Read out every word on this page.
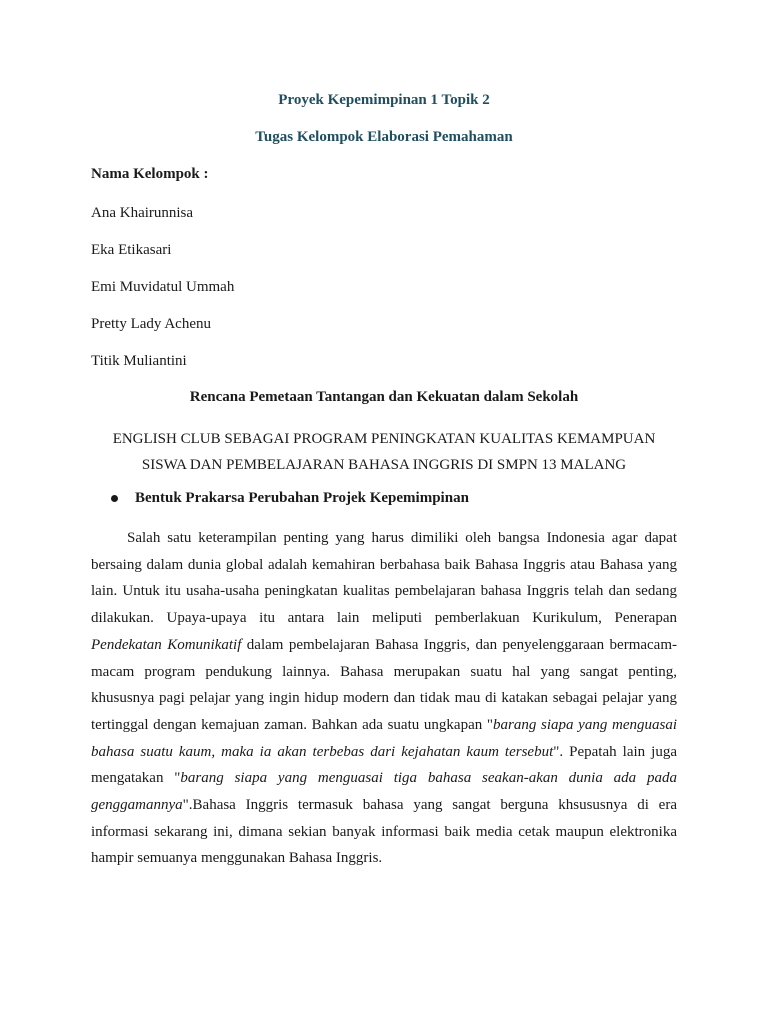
Proyek Kepemimpinan 1 Topik 2

Tugas Kelompok Elaborasi Pemahaman

Nama Kelompok :

Ana Khairunnisa
Eka Etikasari
Emi Muvidatul Ummah
Pretty Lady Achenu
Titik Muliantini

Rencana Pemetaan Tantangan dan Kekuatan dalam Sekolah

ENGLISH CLUB SEBAGAI PROGRAM PENINGKATAN KUALITAS KEMAMPUAN
SISWA DAN PEMBELAJARAN BAHASA INGGRIS DI SMPN 13 MALANG

Bentuk Prakarsa Perubahan Projek Kepemimpinan

Salah satu keterampilan penting yang harus dimiliki oleh bangsa Indonesia agar dapat bersaing dalam dunia global adalah kemahiran berbahasa baik Bahasa Inggris atau Bahasa yang lain. Untuk itu usaha-usaha peningkatan kualitas pembelajaran bahasa Inggris telah dan sedang dilakukan. Upaya-upaya itu antara lain meliputi pemberlakuan Kurikulum, Penerapan Pendekatan Komunikatif dalam pembelajaran Bahasa Inggris, dan penyelenggaraan bermacam-macam program pendukung lainnya. Bahasa merupakan suatu hal yang sangat penting, khususnya pagi pelajar yang ingin hidup modern dan tidak mau di katakan sebagai pelajar yang tertinggal dengan kemajuan zaman. Bahkan ada suatu ungkapan "barang siapa yang menguasai bahasa suatu kaum, maka ia akan terbebas dari kejahatan kaum tersebut". Pepatah lain juga mengatakan "barang siapa yang menguasai tiga bahasa seakan-akan dunia ada pada genggamannya".Bahasa Inggris termasuk bahasa yang sangat berguna khsususnya di era informasi sekarang ini, dimana sekian banyak informasi baik media cetak maupun elektronika hampir semuanya menggunakan Bahasa Inggris.
